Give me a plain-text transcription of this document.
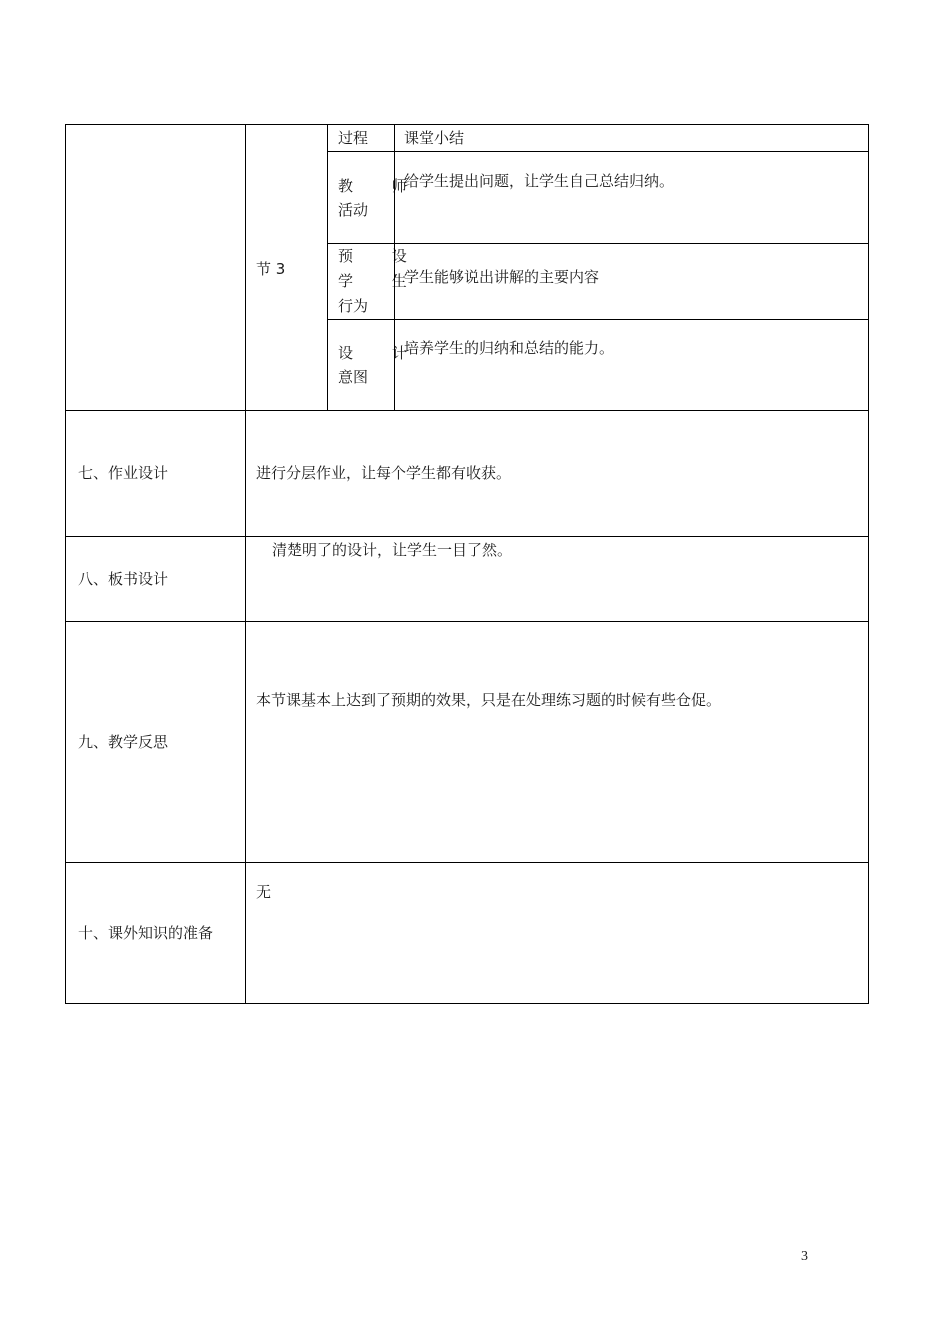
节 3
过程 课堂小结
教 师
活动
给学生提出问题，让学生自己总结归纳。
预 设
学 生
行为
学生能够说出讲解的主要内容
设 计
意图
培养学生的归纳和总结的能力。
七、作业设计	进行分层作业，让每个学生都有收获。
八、板书设计
清楚明了的设计，让学生一目了然。
九、教学反思
本节课基本上达到了预期的效果，只是在处理练习题的时候有些仓促。
十、课外知识的准备
无
3
